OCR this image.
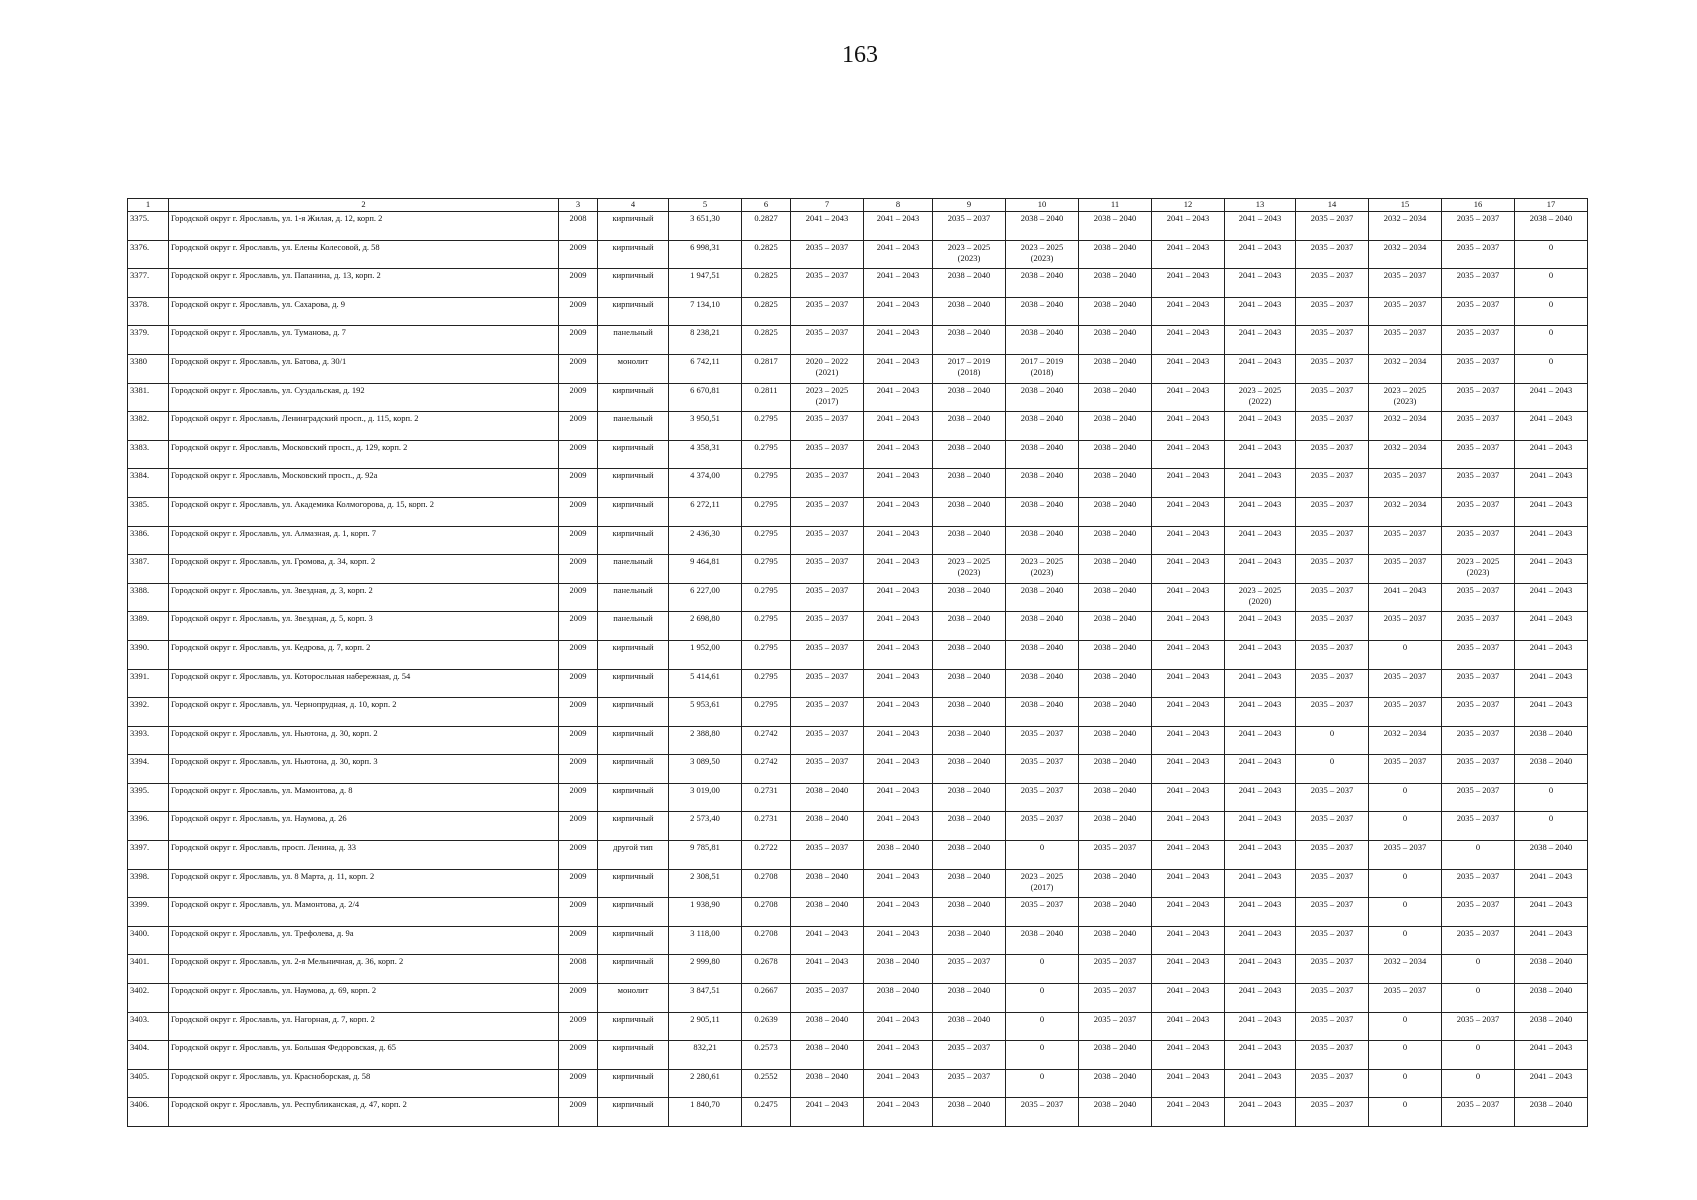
163
1	2	3	4	5	6	7	8	9	10	11	12	13	14	15	16	17

3375.	Городской округ г. Ярославль, ул. 1-я Жилая, д. 12, корп. 2	2008	кирпичный	3 651,30	0.2827	2041 – 2043	2041 – 2043	2035 – 2037	2038 – 2040	2038 – 2040	2041 – 2043	2041 – 2043	2035 – 2037	2032 – 2034	2035 – 2037	2038 – 2040

3376.	Городской округ г. Ярославль, ул. Елены Колесовой, д. 58	2009	кирпичный	6 998,31	0.2825	2035 – 2037	2041 – 2043	2023 – 2025
(2023)	2023 – 2025
(2023)	2038 – 2040	2041 – 2043	2041 – 2043	2035 – 2037	2032 – 2034	2035 – 2037	0

3377.	Городской округ г. Ярославль, ул. Папанина, д. 13, корп. 2	2009	кирпичный	1 947,51	0.2825	2035 – 2037	2041 – 2043	2038 – 2040	2038 – 2040	2038 – 2040	2041 – 2043	2041 – 2043	2035 – 2037	2035 – 2037	2035 – 2037	0

3378.	Городской округ г. Ярославль, ул. Сахарова, д. 9	2009	кирпичный	7 134,10	0.2825	2035 – 2037	2041 – 2043	2038 – 2040	2038 – 2040	2038 – 2040	2041 – 2043	2041 – 2043	2035 – 2037	2035 – 2037	2035 – 2037	0

3379.	Городской округ г. Ярославль, ул. Туманова, д. 7	2009	панельный	8 238,21	0.2825	2035 – 2037	2041 – 2043	2038 – 2040	2038 – 2040	2038 – 2040	2041 – 2043	2041 – 2043	2035 – 2037	2035 – 2037	2035 – 2037	0

3380	Городской округ г. Ярославль, ул. Батова, д. 30/1	2009	монолит	6 742,11	0.2817	2020 – 2022
(2021)	2041 – 2043	2017 – 2019
(2018)	2017 – 2019
(2018)	2038 – 2040	2041 – 2043	2041 – 2043	2035 – 2037	2032 – 2034	2035 – 2037	0

3381.	Городской округ г. Ярославль, ул. Суздальская, д. 192	2009	кирпичный	6 670,81	0.2811	2023 – 2025
(2017)	2041 – 2043	2038 – 2040	2038 – 2040	2038 – 2040	2041 – 2043	2023 – 2025
(2022)	2035 – 2037	2023 – 2025
(2023)	2035 – 2037	2041 – 2043

3382.	Городской округ г. Ярославль, Ленинградский просп., д. 115, корп. 2	2009	панельный	3 950,51	0.2795	2035 – 2037	2041 – 2043	2038 – 2040	2038 – 2040	2038 – 2040	2041 – 2043	2041 – 2043	2035 – 2037	2032 – 2034	2035 – 2037	2041 – 2043

3383.	Городской округ г. Ярославль, Московский просп., д. 129, корп. 2	2009	кирпичный	4 358,31	0.2795	2035 – 2037	2041 – 2043	2038 – 2040	2038 – 2040	2038 – 2040	2041 – 2043	2041 – 2043	2035 – 2037	2032 – 2034	2035 – 2037	2041 – 2043

3384.	Городской округ г. Ярославль, Московский просп., д. 92а	2009	кирпичный	4 374,00	0.2795	2035 – 2037	2041 – 2043	2038 – 2040	2038 – 2040	2038 – 2040	2041 – 2043	2041 – 2043	2035 – 2037	2035 – 2037	2035 – 2037	2041 – 2043

3385.	Городской округ г. Ярославль, ул. Академика Колмогорова, д. 15, корп. 2	2009	кирпичный	6 272,11	0.2795	2035 – 2037	2041 – 2043	2038 – 2040	2038 – 2040	2038 – 2040	2041 – 2043	2041 – 2043	2035 – 2037	2032 – 2034	2035 – 2037	2041 – 2043

3386.	Городской округ г. Ярославль, ул. Алмазная, д. 1, корп. 7	2009	кирпичный	2 436,30	0.2795	2035 – 2037	2041 – 2043	2038 – 2040	2038 – 2040	2038 – 2040	2041 – 2043	2041 – 2043	2035 – 2037	2035 – 2037	2035 – 2037	2041 – 2043

3387.	Городской округ г. Ярославль, ул. Громова, д. 34, корп. 2	2009	панельный	9 464,81	0.2795	2035 – 2037	2041 – 2043	2023 – 2025
(2023)	2023 – 2025
(2023)	2038 – 2040	2041 – 2043	2041 – 2043	2035 – 2037	2035 – 2037	2023 – 2025
(2023)	2041 – 2043

3388.	Городской округ г. Ярославль, ул. Звездная, д. 3, корп. 2	2009	панельный	6 227,00	0.2795	2035 – 2037	2041 – 2043	2038 – 2040	2038 – 2040	2038 – 2040	2041 – 2043	2023 – 2025
(2020)	2035 – 2037	2041 – 2043	2035 – 2037	2041 – 2043

3389.	Городской округ г. Ярославль, ул. Звездная, д. 5, корп. 3	2009	панельный	2 698,80	0.2795	2035 – 2037	2041 – 2043	2038 – 2040	2038 – 2040	2038 – 2040	2041 – 2043	2041 – 2043	2035 – 2037	2035 – 2037	2035 – 2037	2041 – 2043

3390.	Городской округ г. Ярославль, ул. Кедрова, д. 7, корп. 2	2009	кирпичный	1 952,00	0.2795	2035 – 2037	2041 – 2043	2038 – 2040	2038 – 2040	2038 – 2040	2041 – 2043	2041 – 2043	2035 – 2037	0	2035 – 2037	2041 – 2043

3391.	Городской округ г. Ярославль, ул. Которосльная набережная, д. 54	2009	кирпичный	5 414,61	0.2795	2035 – 2037	2041 – 2043	2038 – 2040	2038 – 2040	2038 – 2040	2041 – 2043	2041 – 2043	2035 – 2037	2035 – 2037	2035 – 2037	2041 – 2043

3392.	Городской округ г. Ярославль, ул. Чернопрудная, д. 10, корп. 2	2009	кирпичный	5 953,61	0.2795	2035 – 2037	2041 – 2043	2038 – 2040	2038 – 2040	2038 – 2040	2041 – 2043	2041 – 2043	2035 – 2037	2035 – 2037	2035 – 2037	2041 – 2043

3393.	Городской округ г. Ярославль, ул. Ньютона, д. 30, корп. 2	2009	кирпичный	2 388,80	0.2742	2035 – 2037	2041 – 2043	2038 – 2040	2035 – 2037	2038 – 2040	2041 – 2043	2041 – 2043	0	2032 – 2034	2035 – 2037	2038 – 2040

3394.	Городской округ г. Ярославль, ул. Ньютона, д. 30, корп. 3	2009	кирпичный	3 089,50	0.2742	2035 – 2037	2041 – 2043	2038 – 2040	2035 – 2037	2038 – 2040	2041 – 2043	2041 – 2043	0	2035 – 2037	2035 – 2037	2038 – 2040

3395.	Городской округ г. Ярославль, ул. Мамонтова, д. 8	2009	кирпичный	3 019,00	0.2731	2038 – 2040	2041 – 2043	2038 – 2040	2035 – 2037	2038 – 2040	2041 – 2043	2041 – 2043	2035 – 2037	0	2035 – 2037	0

3396.	Городской округ г. Ярославль, ул. Наумова, д. 26	2009	кирпичный	2 573,40	0.2731	2038 – 2040	2041 – 2043	2038 – 2040	2035 – 2037	2038 – 2040	2041 – 2043	2041 – 2043	2035 – 2037	0	2035 – 2037	0

3397.	Городской округ г. Ярославль, просп. Ленина, д. 33	2009	другой тип	9 785,81	0.2722	2035 – 2037	2038 – 2040	2038 – 2040	0	2035 – 2037	2041 – 2043	2041 – 2043	2035 – 2037	2035 – 2037	0	2038 – 2040

3398.	Городской округ г. Ярославль, ул. 8 Марта, д. 11, корп. 2	2009	кирпичный	2 308,51	0.2708	2038 – 2040	2041 – 2043	2038 – 2040	2023 – 2025
(2017)	2038 – 2040	2041 – 2043	2041 – 2043	2035 – 2037	0	2035 – 2037	2041 – 2043

3399.	Городской округ г. Ярославль, ул. Мамонтова, д. 2/4	2009	кирпичный	1 938,90	0.2708	2038 – 2040	2041 – 2043	2038 – 2040	2035 – 2037	2038 – 2040	2041 – 2043	2041 – 2043	2035 – 2037	0	2035 – 2037	2041 – 2043

3400.	Городской округ г. Ярославль, ул. Трефолева, д. 9а	2009	кирпичный	3 118,00	0.2708	2041 – 2043	2041 – 2043	2038 – 2040	2038 – 2040	2038 – 2040	2041 – 2043	2041 – 2043	2035 – 2037	0	2035 – 2037	2041 – 2043

3401.	Городской округ г. Ярославль, ул. 2-я Мельничная, д. 36, корп. 2	2008	кирпичный	2 999,80	0.2678	2041 – 2043	2038 – 2040	2035 – 2037	0	2035 – 2037	2041 – 2043	2041 – 2043	2035 – 2037	2032 – 2034	0	2038 – 2040

3402.	Городской округ г. Ярославль, ул. Наумова, д. 69, корп. 2	2009	монолит	3 847,51	0.2667	2035 – 2037	2038 – 2040	2038 – 2040	0	2035 – 2037	2041 – 2043	2041 – 2043	2035 – 2037	2035 – 2037	0	2038 – 2040

3403.	Городской округ г. Ярославль, ул. Нагорная, д. 7, корп. 2	2009	кирпичный	2 905,11	0.2639	2038 – 2040	2041 – 2043	2038 – 2040	0	2035 – 2037	2041 – 2043	2041 – 2043	2035 – 2037	0	2035 – 2037	2038 – 2040

3404.	Городской округ г. Ярославль, ул. Большая Федоровская, д. 65	2009	кирпичный	832,21	0.2573	2038 – 2040	2041 – 2043	2035 – 2037	0	2038 – 2040	2041 – 2043	2041 – 2043	2035 – 2037	0	0	2041 – 2043

3405.	Городской округ г. Ярославль, ул. Красноборская, д. 58	2009	кирпичный	2 280,61	0.2552	2038 – 2040	2041 – 2043	2035 – 2037	0	2038 – 2040	2041 – 2043	2041 – 2043	2035 – 2037	0	0	2041 – 2043

3406.	Городской округ г. Ярославль, ул. Республиканская, д. 47, корп. 2	2009	кирпичный	1 840,70	0.2475	2041 – 2043	2041 – 2043	2038 – 2040	2035 – 2037	2038 – 2040	2041 – 2043	2041 – 2043	2035 – 2037	0	2035 – 2037	2038 – 2040
